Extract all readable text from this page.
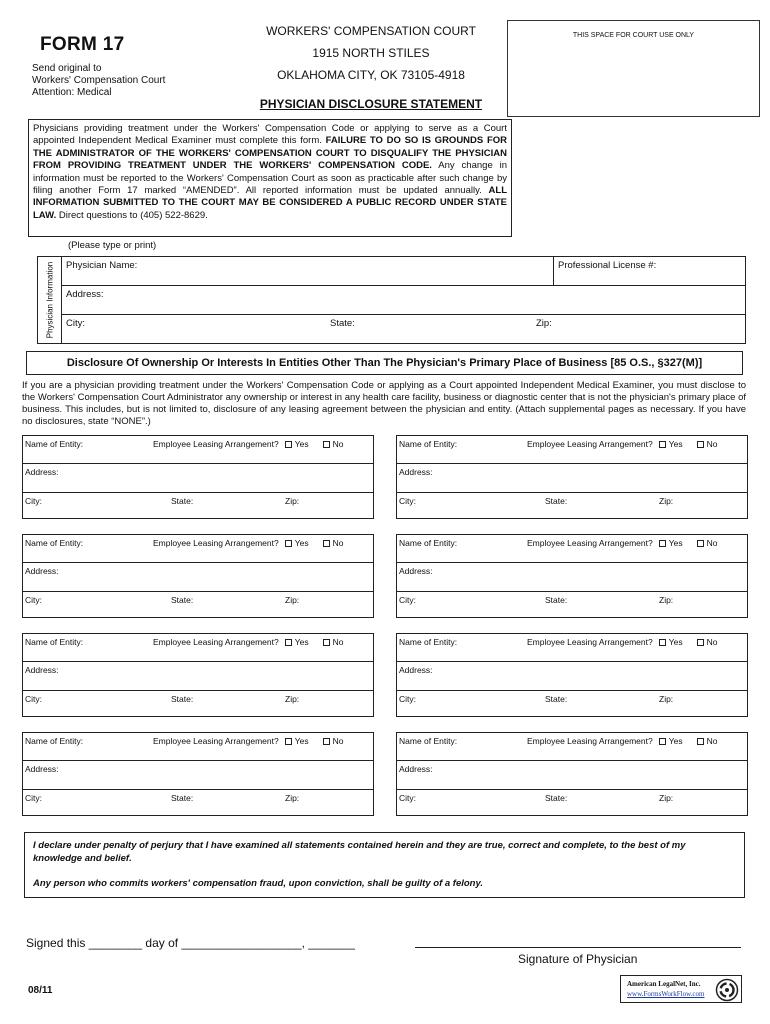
FORM 17
Send original to
Workers' Compensation Court
Attention: Medical
WORKERS' COMPENSATION COURT
1915 NORTH STILES
OKLAHOMA CITY, OK 73105-4918
THIS SPACE FOR COURT USE ONLY
PHYSICIAN DISCLOSURE STATEMENT
Physicians providing treatment under the Workers' Compensation Code or applying to serve as a Court appointed Independent Medical Examiner must complete this form. FAILURE TO DO SO IS GROUNDS FOR THE ADMINISTRATOR OF THE WORKERS' COMPENSATION COURT TO DISQUALIFY THE PHYSICIAN FROM PROVIDING TREATMENT UNDER THE WORKERS' COMPENSATION CODE. Any change in information must be reported to the Workers' Compensation Court as soon as practicable after such change by filing another Form 17 marked “AMENDED”. All reported information must be updated annually. ALL INFORMATION SUBMITTED TO THE COURT MAY BE CONSIDERED A PUBLIC RECORD UNDER STATE LAW. Direct questions to (405) 522-8629.
(Please type or print)
Physician Information Physician Name:	Professional License #:
Address:
City:	State:	Zip:
Disclosure Of Ownership Or Interests In Entities Other Than The Physician's Primary Place of Business [85 O.S., §327(M)]
If you are a physician providing treatment under the Workers' Compensation Code or applying as a Court appointed Independent Medical Examiner, you must disclose to the Workers' Compensation Court Administrator any ownership or interest in any health care facility, business or diagnostic center that is not the physician's primary place of business. This includes, but is not limited to, disclosure of any leasing agreement between the physician and entity. (Attach supplemental pages as necessary. If you have no disclosures, state “NONE”.)
Name of Entity:	Employee Leasing Arrangement? Yes	No
Address:
City:	State:	Zip:
Name of Entity:	Employee Leasing Arrangement? Yes	No
Address:
City:	State:	Zip:
Name of Entity:	Employee Leasing Arrangement? Yes	No
Address:
City:	State:	Zip:
Name of Entity:	Employee Leasing Arrangement? Yes	No
Address:
City:	State:	Zip:
Name of Entity:	Employee Leasing Arrangement? Yes	No
Address:
City:	State:	Zip:
Name of Entity:	Employee Leasing Arrangement? Yes	No
Address:
City:	State:	Zip:
Name of Entity:	Employee Leasing Arrangement? Yes	No
Address:
City:	State:	Zip:
Name of Entity:	Employee Leasing Arrangement? Yes	No
Address:
City:	State:	Zip:
I declare under penalty of perjury that I have examined all statements contained herein and they are true, correct and complete, to the best of my knowledge and belief.
Any person who commits workers' compensation fraud, upon conviction, shall be guilty of a felony.
Signed this ________ day of __________________, _______
Signature of Physician
08/11
American LegalNet, Inc.
www.FormsWorkFlow.com
